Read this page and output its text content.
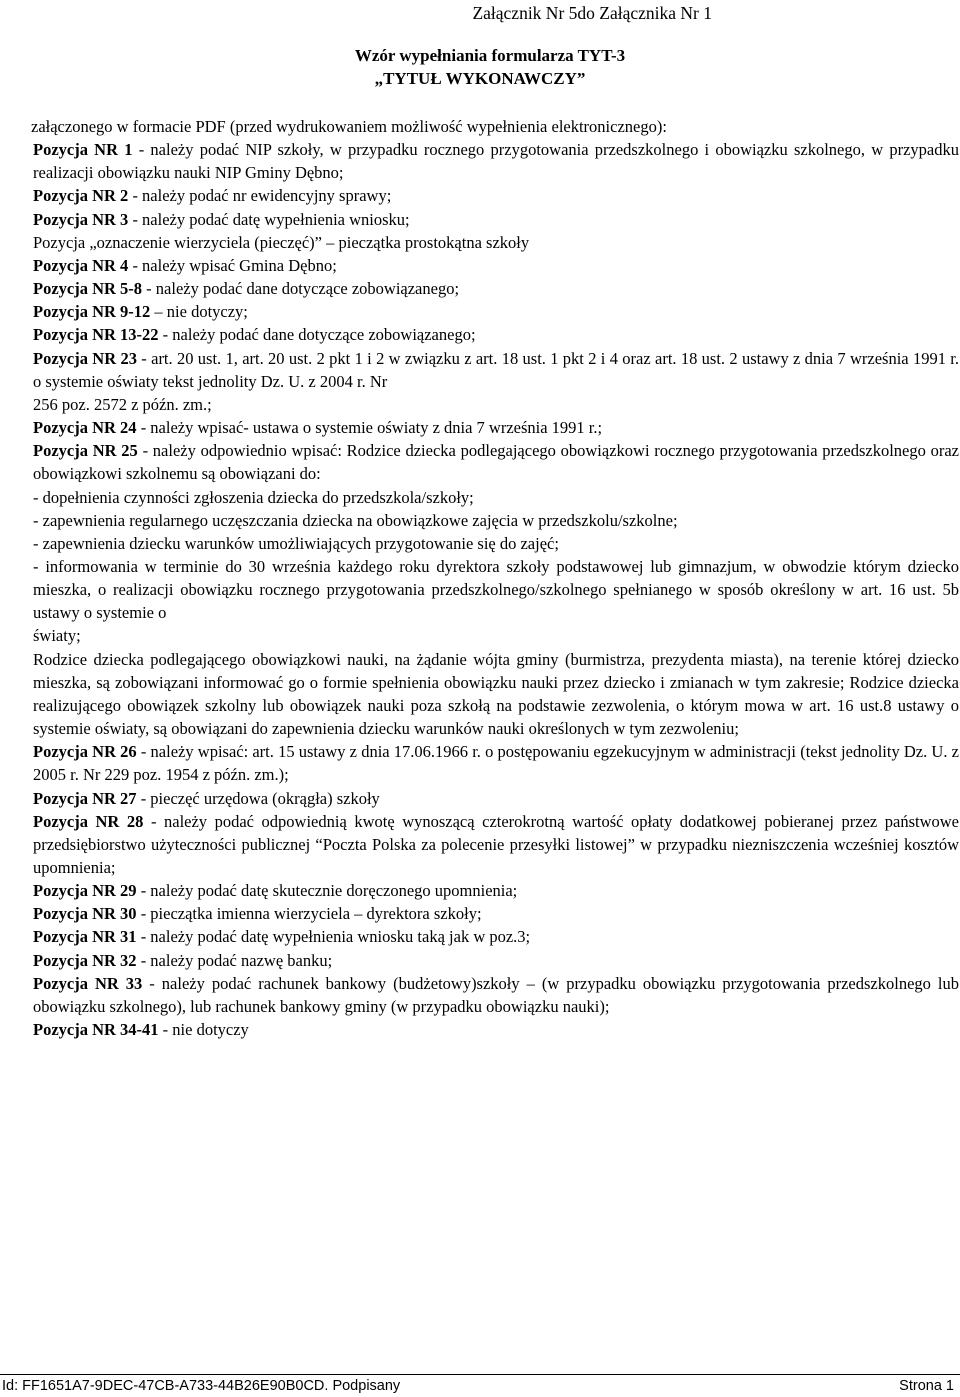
Załącznik Nr 5do Załącznika Nr 1
Wzór wypełniania formularza TYT-3
„TYTUŁ WYKONAWCZY”

załączonego w formacie PDF (przed wydrukowaniem możliwość wypełnienia elektronicznego):

Pozycja NR 1 - należy podać NIP szkoły, w przypadku rocznego przygotowania przedszkolnego i obowiązku szkolnego, w przypadku realizacji obowiązku nauki NIP Gminy Dębno;

Pozycja NR 2 - należy podać nr ewidencyjny sprawy;

Pozycja NR 3 - należy podać datę wypełnienia wniosku;

Pozycja „oznaczenie wierzyciela (pieczęć)” – pieczątka prostokątna szkoły

Pozycja NR 4 - należy wpisać Gmina Dębno;

Pozycja NR 5-8 - należy podać dane dotyczące zobowiązanego;

Pozycja NR 9-12 – nie dotyczy;

Pozycja NR 13-22 - należy podać dane dotyczące zobowiązanego;

Pozycja NR 23 - art. 20 ust. 1, art. 20 ust. 2 pkt 1 i 2 w związku z art. 18 ust. 1 pkt 2 i 4 oraz art. 18 ust. 2 ustawy z dnia 7 września 1991 r. o systemie oświaty tekst jednolity Dz. U. z 2004 r. Nr

256 poz. 2572 z późn. zm.;

Pozycja NR 24 - należy wpisać- ustawa o systemie oświaty z dnia 7 września 1991 r.;

Pozycja NR 25 - należy odpowiednio wpisać: Rodzice dziecka podlegającego obowiązkowi rocznego przygotowania przedszkolnego oraz obowiązkowi szkolnemu są obowiązani do:

- dopełnienia czynności zgłoszenia dziecka do przedszkola/szkoły;

- zapewnienia regularnego uczęszczania dziecka na obowiązkowe zajęcia w przedszkolu/szkolne;

- zapewnienia dziecku warunków umożliwiających przygotowanie się do zajęć;

- informowania w terminie do 30 września każdego roku dyrektora szkoły podstawowej lub gimnazjum, w obwodzie którym dziecko mieszka, o realizacji obowiązku rocznego przygotowania przedszkolnego/szkolnego spełnianego w sposób określony w art. 16 ust. 5b ustawy o systemie o

światy;

Rodzice dziecka podlegającego obowiązkowi nauki, na żądanie wójta gminy (burmistrza, prezydenta miasta), na terenie której dziecko mieszka, są zobowiązani informować go o formie spełnienia obowiązku nauki przez dziecko i zmianach w tym zakresie; Rodzice dziecka realizującego obowiązek szkolny lub obowiązek nauki poza szkołą na podstawie zezwolenia, o którym mowa w art. 16 ust.8 ustawy o systemie oświaty, są obowiązani do zapewnienia dziecku warunków nauki określonych w tym zezwoleniu;

Pozycja NR 26 - należy wpisać: art. 15 ustawy z dnia 17.06.1966 r. o postępowaniu egzekucyjnym w administracji (tekst jednolity Dz. U. z 2005 r. Nr 229 poz. 1954 z późn. zm.);

Pozycja NR 27 - pieczęć urzędowa (okrągła) szkoły

Pozycja NR 28 - należy podać odpowiednią kwotę wynoszącą czterokrotną wartość opłaty dodatkowej pobieranej przez państwowe przedsiębiorstwo użyteczności publicznej “Poczta Polska za polecenie przesyłki listowej” w przypadku niezniszczenia wcześniej kosztów upomnienia;

Pozycja NR 29 - należy podać datę skutecznie doręczonego upomnienia;

Pozycja NR 30 - pieczątka imienna wierzyciela – dyrektora szkoły;

Pozycja NR 31 - należy podać datę wypełnienia wniosku taką jak w poz.3;

Pozycja NR 32 - należy podać nazwę banku;

Pozycja NR 33 - należy podać rachunek bankowy (budżetowy)szkoły – (w przypadku obowiązku przygotowania przedszkolnego lub obowiązku szkolnego), lub rachunek bankowy gminy (w przypadku obowiązku nauki);

Pozycja NR 34-41 - nie dotyczy

Id: FF1651A7-9DEC-47CB-A733-44B26E90B0CD. Podpisany	Strona 1
